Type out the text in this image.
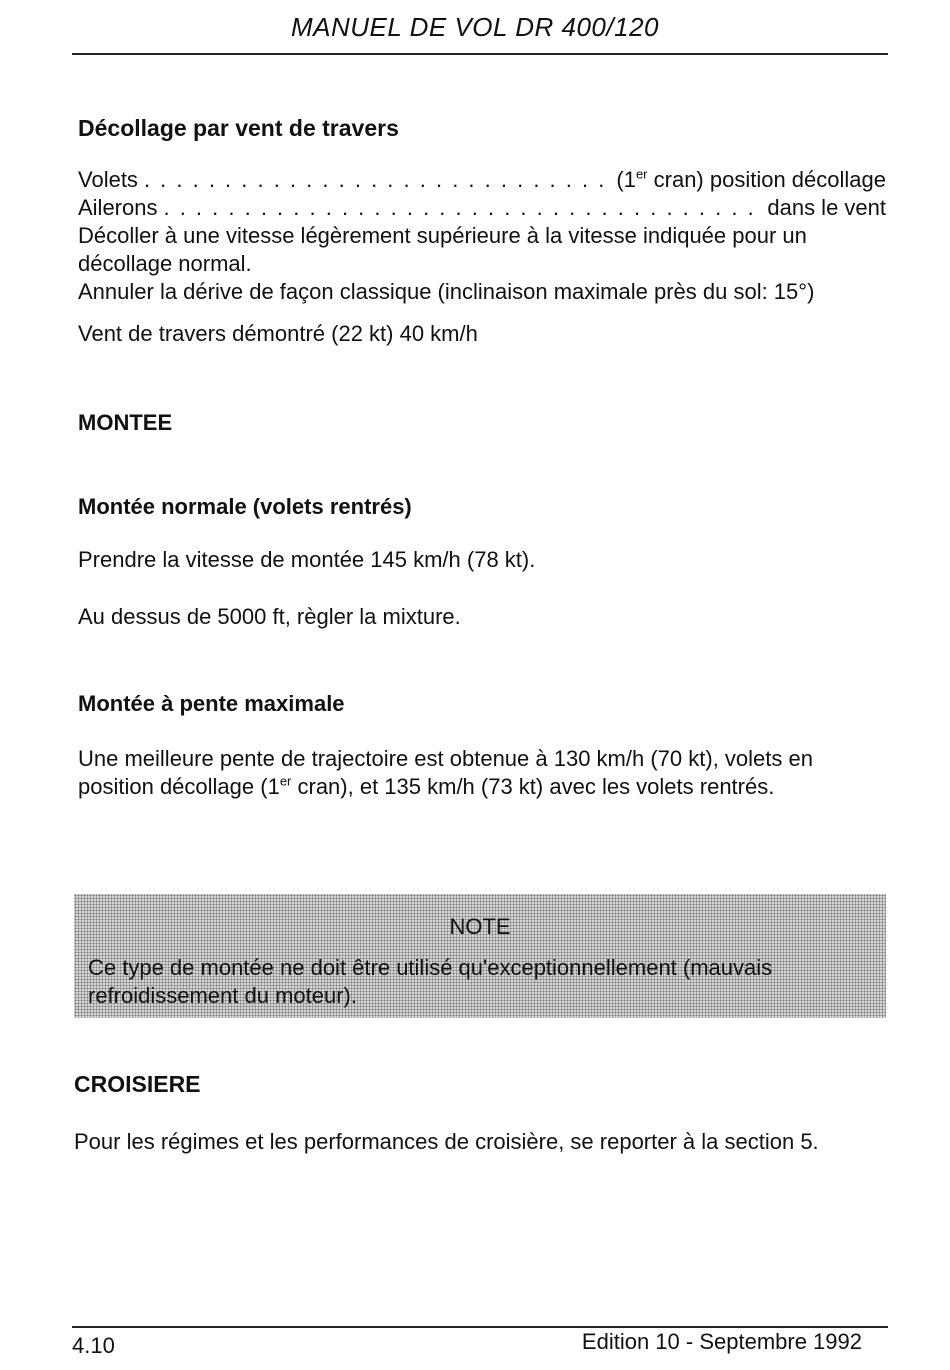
MANUEL DE VOL DR 400/120
Décollage par vent de travers
Volets . . .	(1er cran) position décollage
Ailerons . . .	dans le vent
Décoller à une vitesse légèrement supérieure à la vitesse indiquée pour un décollage normal.
Annuler la dérive de façon classique (inclinaison maximale près du sol: 15°)
Vent de travers démontré (22 kt) 40 km/h
MONTEE
Montée normale (volets rentrés)
Prendre la vitesse de montée 145 km/h (78 kt).
Au dessus de 5000 ft, règler la mixture.
Montée à pente maximale
Une meilleure pente de trajectoire est obtenue à 130 km/h (70 kt), volets en position décollage (1er cran), et 135 km/h (73 kt) avec les volets rentrés.
NOTE
Ce type de montée ne doit être utilisé qu'exceptionnellement (mauvais refroidissement du moteur).
CROISIERE
Pour les régimes et les performances de croisière, se reporter à la section 5.
4.10	Edition 10 - Septembre 1992
